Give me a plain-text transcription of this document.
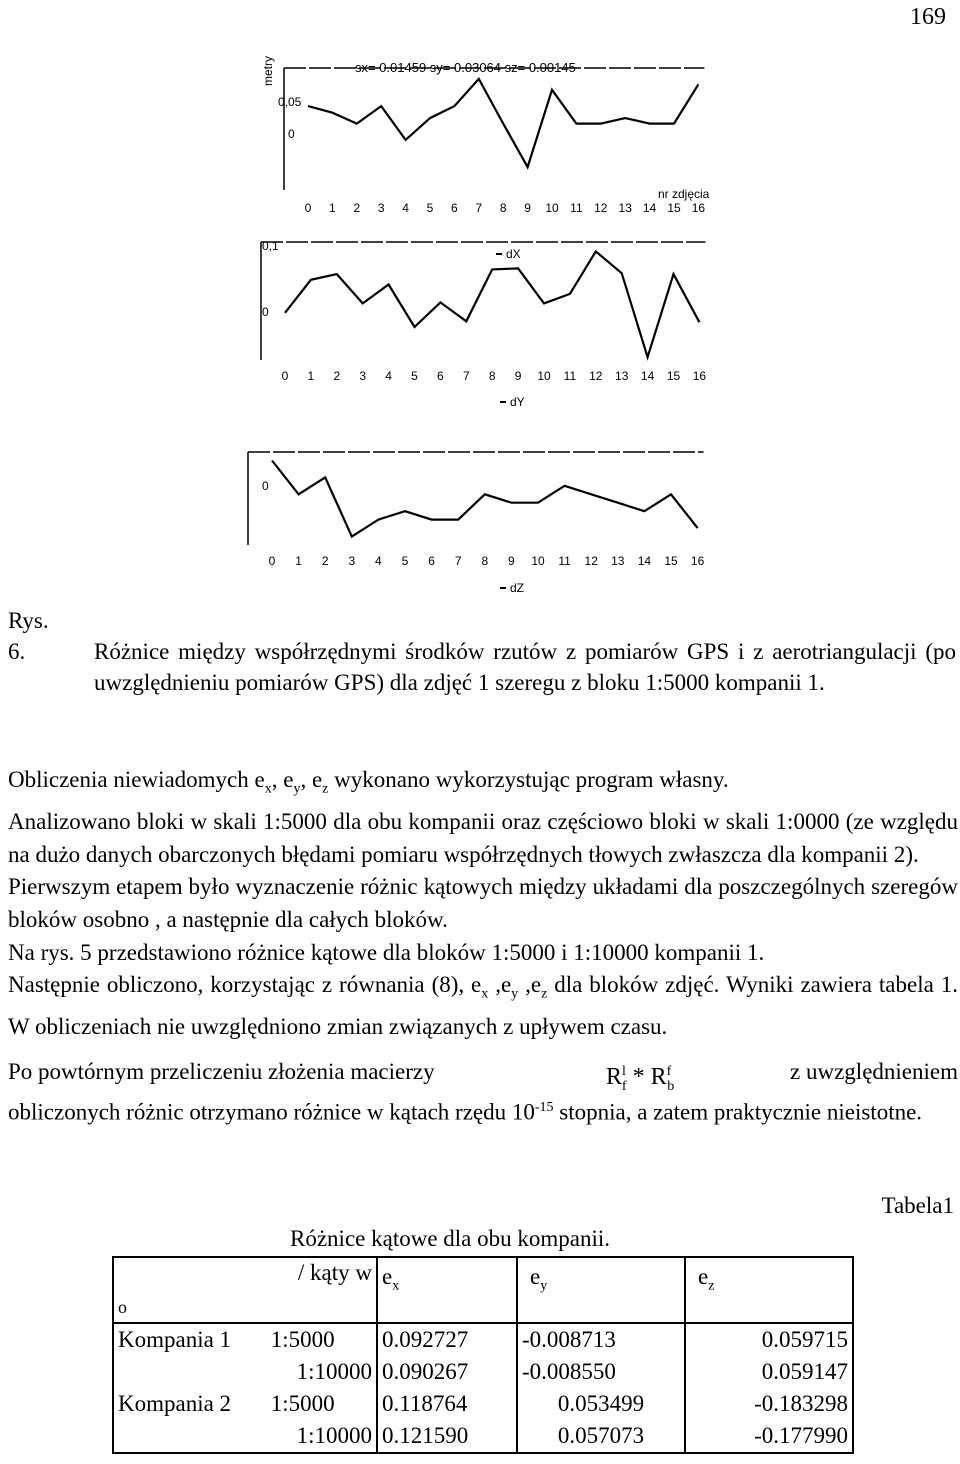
169
metry
0,05
0
sx= 0.01459 sy= 0.03064 sz= 0.00145
0 1 2 3 4 5 6 7 8 9 10 11 12 13 14 15 16
nr zdjęcia
dX
0,1
0
0 1 2 3 4 5 6 7 8 9 10 11 12 13 14 15 16
dY
0
0 1 2 3 4 5 6 7 8 9 10 11 12 13 14 15 16
dZ
Rys. 6.	Różnice między współrzędnymi środków rzutów z pomiarów GPS i z aerotriangulacji (po uwzględnieniu pomiarów GPS) dla zdjęć 1 szeregu z bloku 1:5000 kompanii 1.

Obliczenia niewiadomych $e_x$, $e_y$, $e_z$ wykonano wykorzystując program własny.

Analizowano bloki w skali 1:5000 dla obu kompanii oraz częściowo bloki w skali 1:0000 (ze względu na dużo danych obarczonych błędami pomiaru współrzędnych tłowych zwłaszcza dla kompanii 2).

Pierwszym etapem było wyznaczenie różnic kątowych między układami dla poszczególnych szeregów bloków osobno , a następnie dla całych bloków.

Na rys. 5 przedstawiono różnice kątowe dla bloków 1:5000 i 1:10000 kompanii 1.

Następnie obliczono, korzystając z równania (8), $e_x$ $,e_y$ $,e_z$ dla bloków zdjęć. Wyniki zawiera tabela 1. W obliczeniach nie uwzględniono zmian związanych z upływem czasu.

Po powtórnym przeliczeniu złożenia macierzy	$R^l_f * R^f_b$
z uwzględnieniem

obliczonych różnic otrzymano różnice w kątach rzędu $10^{-15}$ stopnia, a zatem praktycznie nieistotne.

Tabela1
Różnice kątowe dla obu kompanii.
/ kąty w
o		$e_x$	$e_y$	$e_z$
Kompania 1	1:5000	0.092727	-0.008713	0.059715
	1:10000	0.090267	-0.008550	0.059147
Kompania 2	1:5000	0.118764	0.053499	-0.183298
	1:10000	0.121590	0.057073	-0.177990
